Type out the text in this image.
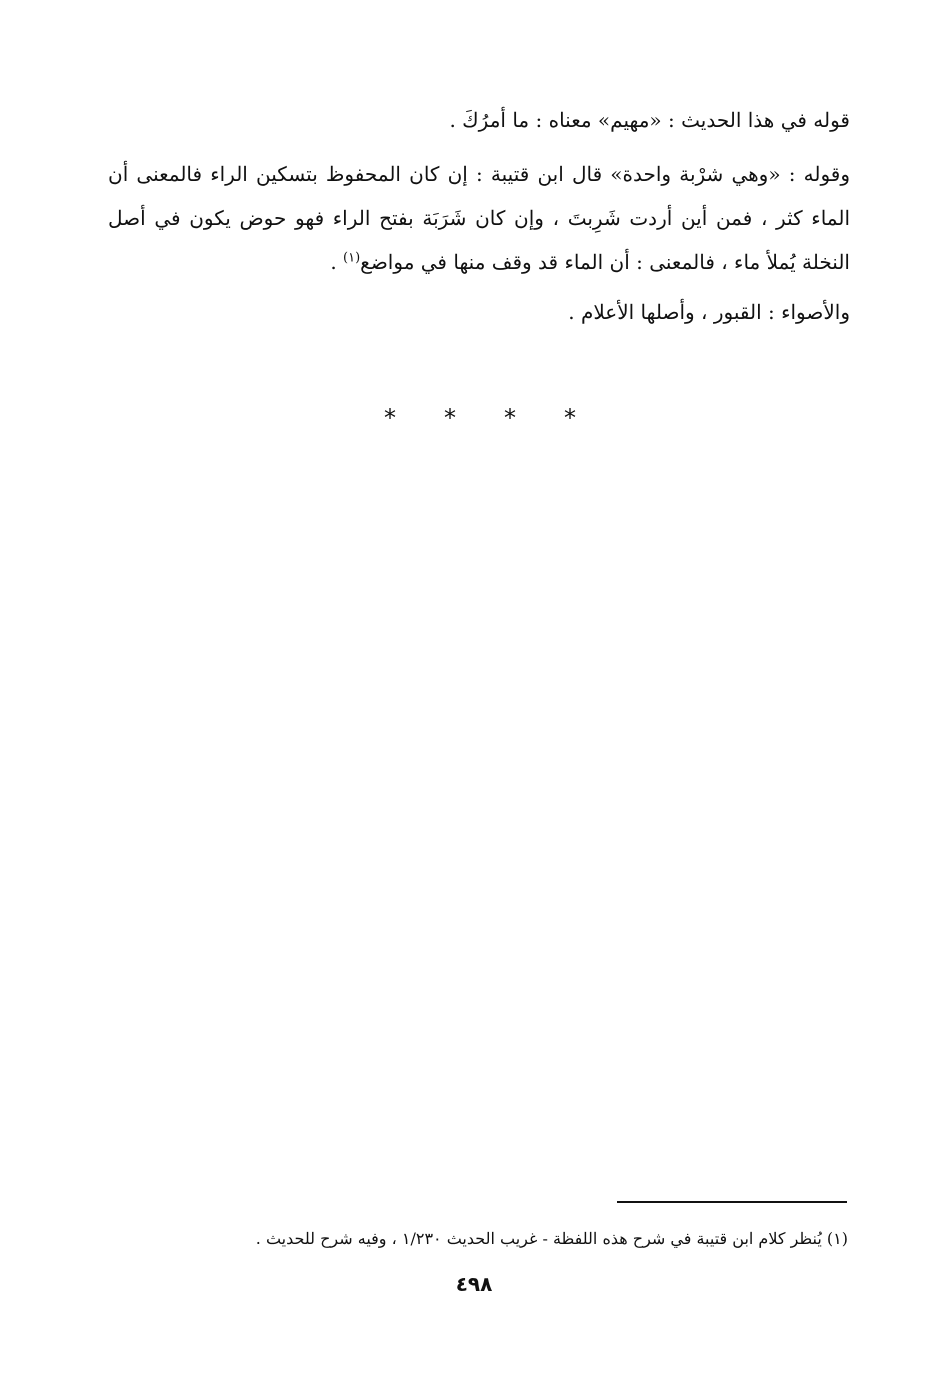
قوله في هذا الحديث : «مهيم» معناه : ما أمرُكَ .
وقوله : «وهي شرْبة واحدة» قال ابن قتيبة : إن كان المحفوظ بتسكين الراء فالمعنى أن الماء كثر ، فمن أين أردت شَرِبتَ ، وإن كان شَرَبَة بفتح الراء فهو حوض يكون في أصل النخلة يُملأ ماء ، فالمعنى : أن الماء قد وقف منها في مواضع$^{(١)}$ .
والأصواء : القبور ، وأصلها الأعلام .
* * * *
(١) يُنظر كلام ابن قتيبة في شرح هذه اللفظة - غريب الحديث ١/٢٣٠ ، وفيه شرح للحديث .
٤٩٨
